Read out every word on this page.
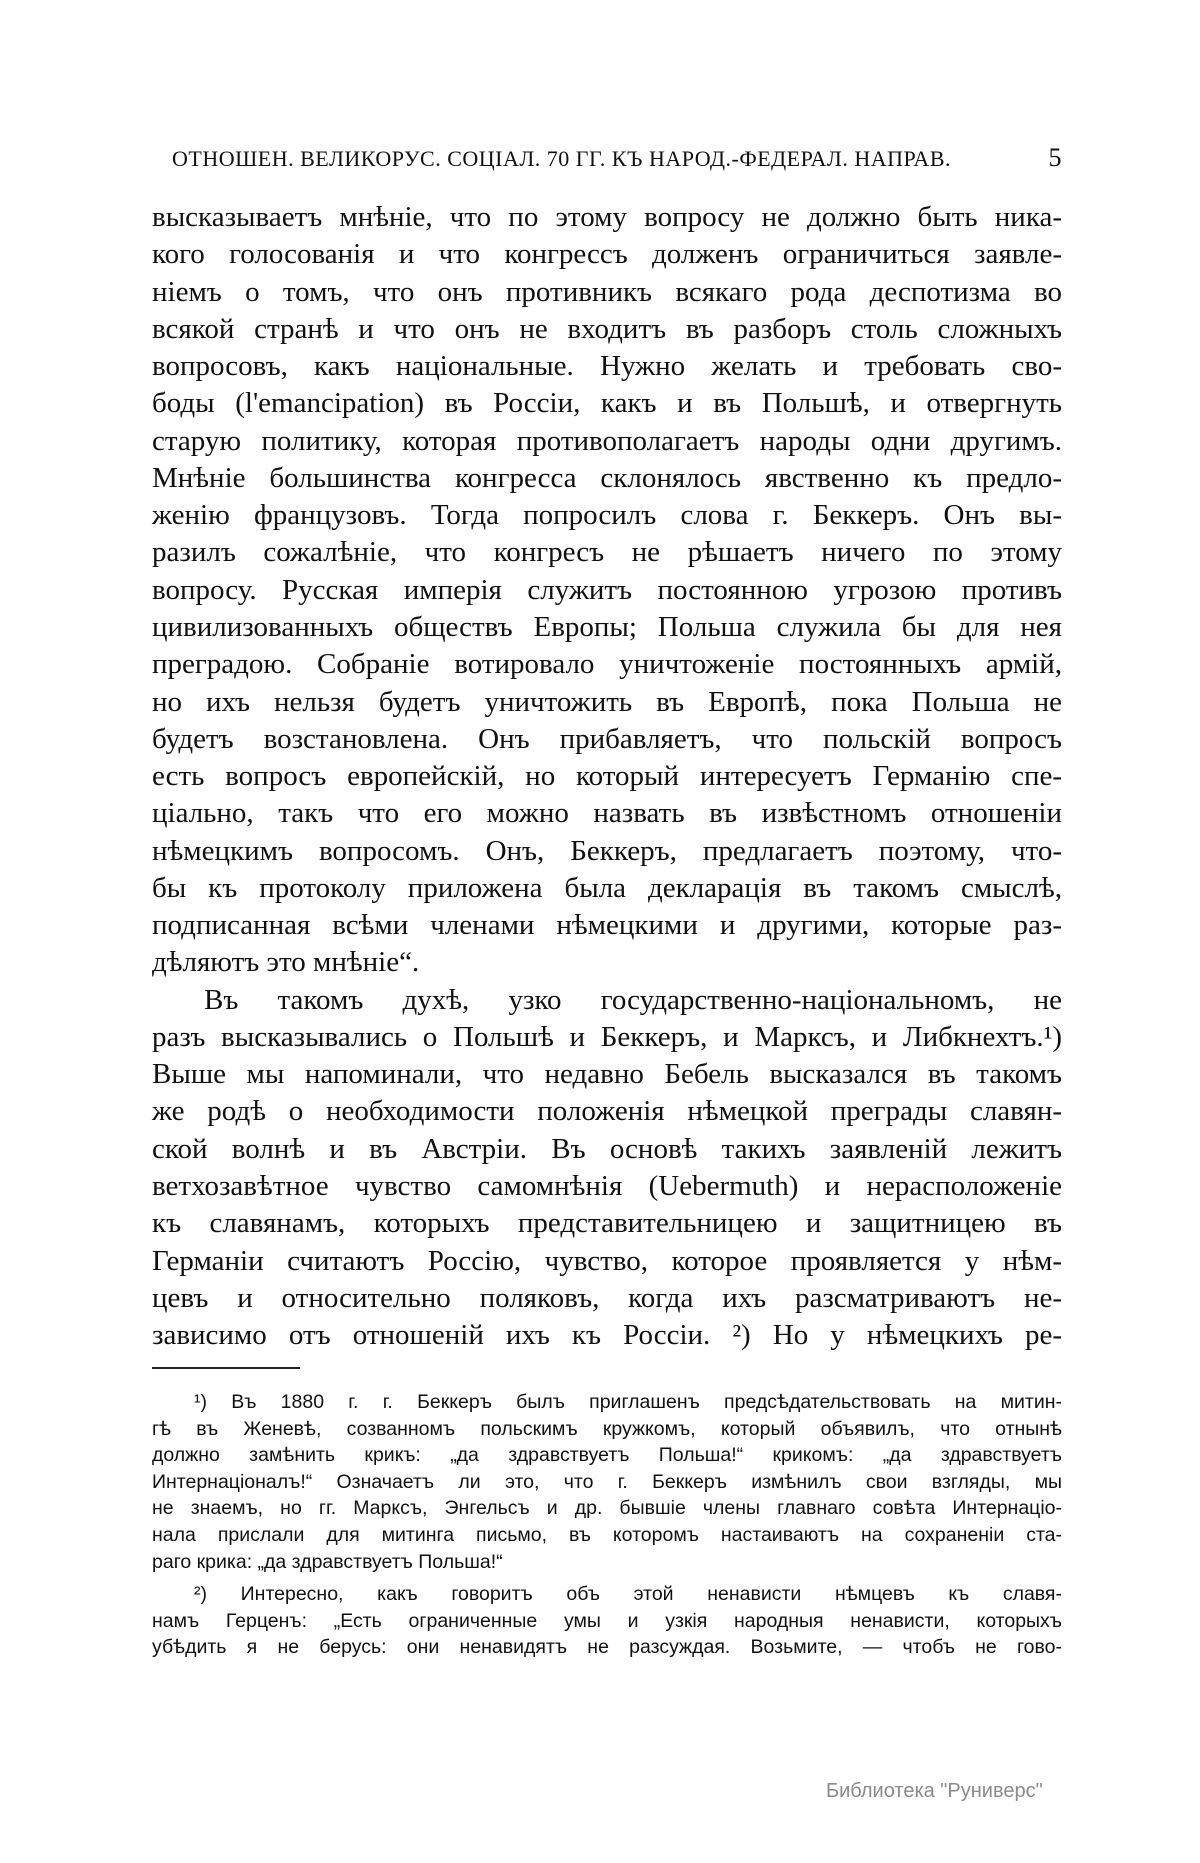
ОТНОШЕН. ВЕЛИКОРУС. СОЦІАЛ. 70 ГГ. КЪ НАРОД.-ФЕДЕРАЛ. НАПРАВ.	5
высказываетъ мнѣніе, что по этому вопросу не должно быть ника-
кого голосованія и что конгрессъ долженъ ограничиться заявле-
ніемъ о томъ, что онъ противникъ всякаго рода деспотизма во
всякой странѣ и что онъ не входитъ въ разборъ столь сложныхъ
вопросовъ, какъ національные. Нужно желать и требовать сво-
боды (l'emancipation) въ Россіи, какъ и въ Польшѣ, и отвергнуть
старую политику, которая противополагаетъ народы одни другимъ.
Мнѣніе большинства конгресса склонялось явственно къ предло-
женію французовъ. Тогда попросилъ слова г. Беккеръ. Онъ вы-
разилъ сожалѣніе, что конгресъ не рѣшаетъ ничего по этому
вопросу. Русская имперія служитъ постоянною угрозою противъ
цивилизованныхъ обществъ Европы; Польша служила бы для нея
преградою. Собраніе вотировало уничтоженіе постоянныхъ армій,
но ихъ нельзя будетъ уничтожить въ Европѣ, пока Польша не
будетъ возстановлена. Онъ прибавляетъ, что польскій вопросъ
есть вопросъ европейскій, но который интересуетъ Германію спе-
ціально, такъ что его можно назвать въ извѣстномъ отношеніи
нѣмецкимъ вопросомъ. Онъ, Беккеръ, предлагаетъ поэтому, что-
бы къ протоколу приложена была декларація въ такомъ смыслѣ,
подписанная всѣми членами нѣмецкими и другими, которые раз-
дѣляютъ это мнѣніе“.
Въ такомъ духѣ, узко государственно-національномъ, не
разъ высказывались о Польшѣ и Беккеръ, и Марксъ, и Либкнехтъ.¹)
Выше мы напоминали, что недавно Бебель высказался въ такомъ
же родѣ о необходимости положенія нѣмецкой преграды славян-
ской волнѣ и въ Австріи. Въ основѣ такихъ заявленій лежитъ
ветхозавѣтное чувство самомнѣнія (Uebermuth) и нерасположеніе
къ славянамъ, которыхъ представительницею и защитницею въ
Германіи считаютъ Россію, чувство, которое проявляется у нѣм-
цевъ и относительно поляковъ, когда ихъ разсматриваютъ не-
зависимо отъ отношеній ихъ къ Россіи. ²) Но у нѣмецкихъ ре-
¹) Въ 1880 г. г. Беккеръ былъ приглашенъ предсѣдательствовать на митин-
гѣ въ Женевѣ, созванномъ польскимъ кружкомъ, который объявилъ, что отнынѣ
должно замѣнить крикъ: „да здравствуетъ Польша!“ крикомъ: „да здравствуетъ
Интернаціоналъ!“ Означаетъ ли это, что г. Беккеръ измѣнилъ свои взгляды, мы
не знаемъ, но гг. Марксъ, Энгельсъ и др. бывшіе члены главнаго совѣта Интернаціо-
нала прислали для митинга письмо, въ которомъ настаиваютъ на сохраненіи ста-
раго крика: „да здравствуетъ Польша!“
²) Интересно, какъ говоритъ объ этой ненависти нѣмцевъ къ славя-
намъ Герценъ: „Есть ограниченные умы и узкія народныя ненависти, которыхъ
убѣдить я не берусь: они ненавидятъ не разсуждая. Возьмите, — чтобъ не гово-
Библиотека "Руниверс"
